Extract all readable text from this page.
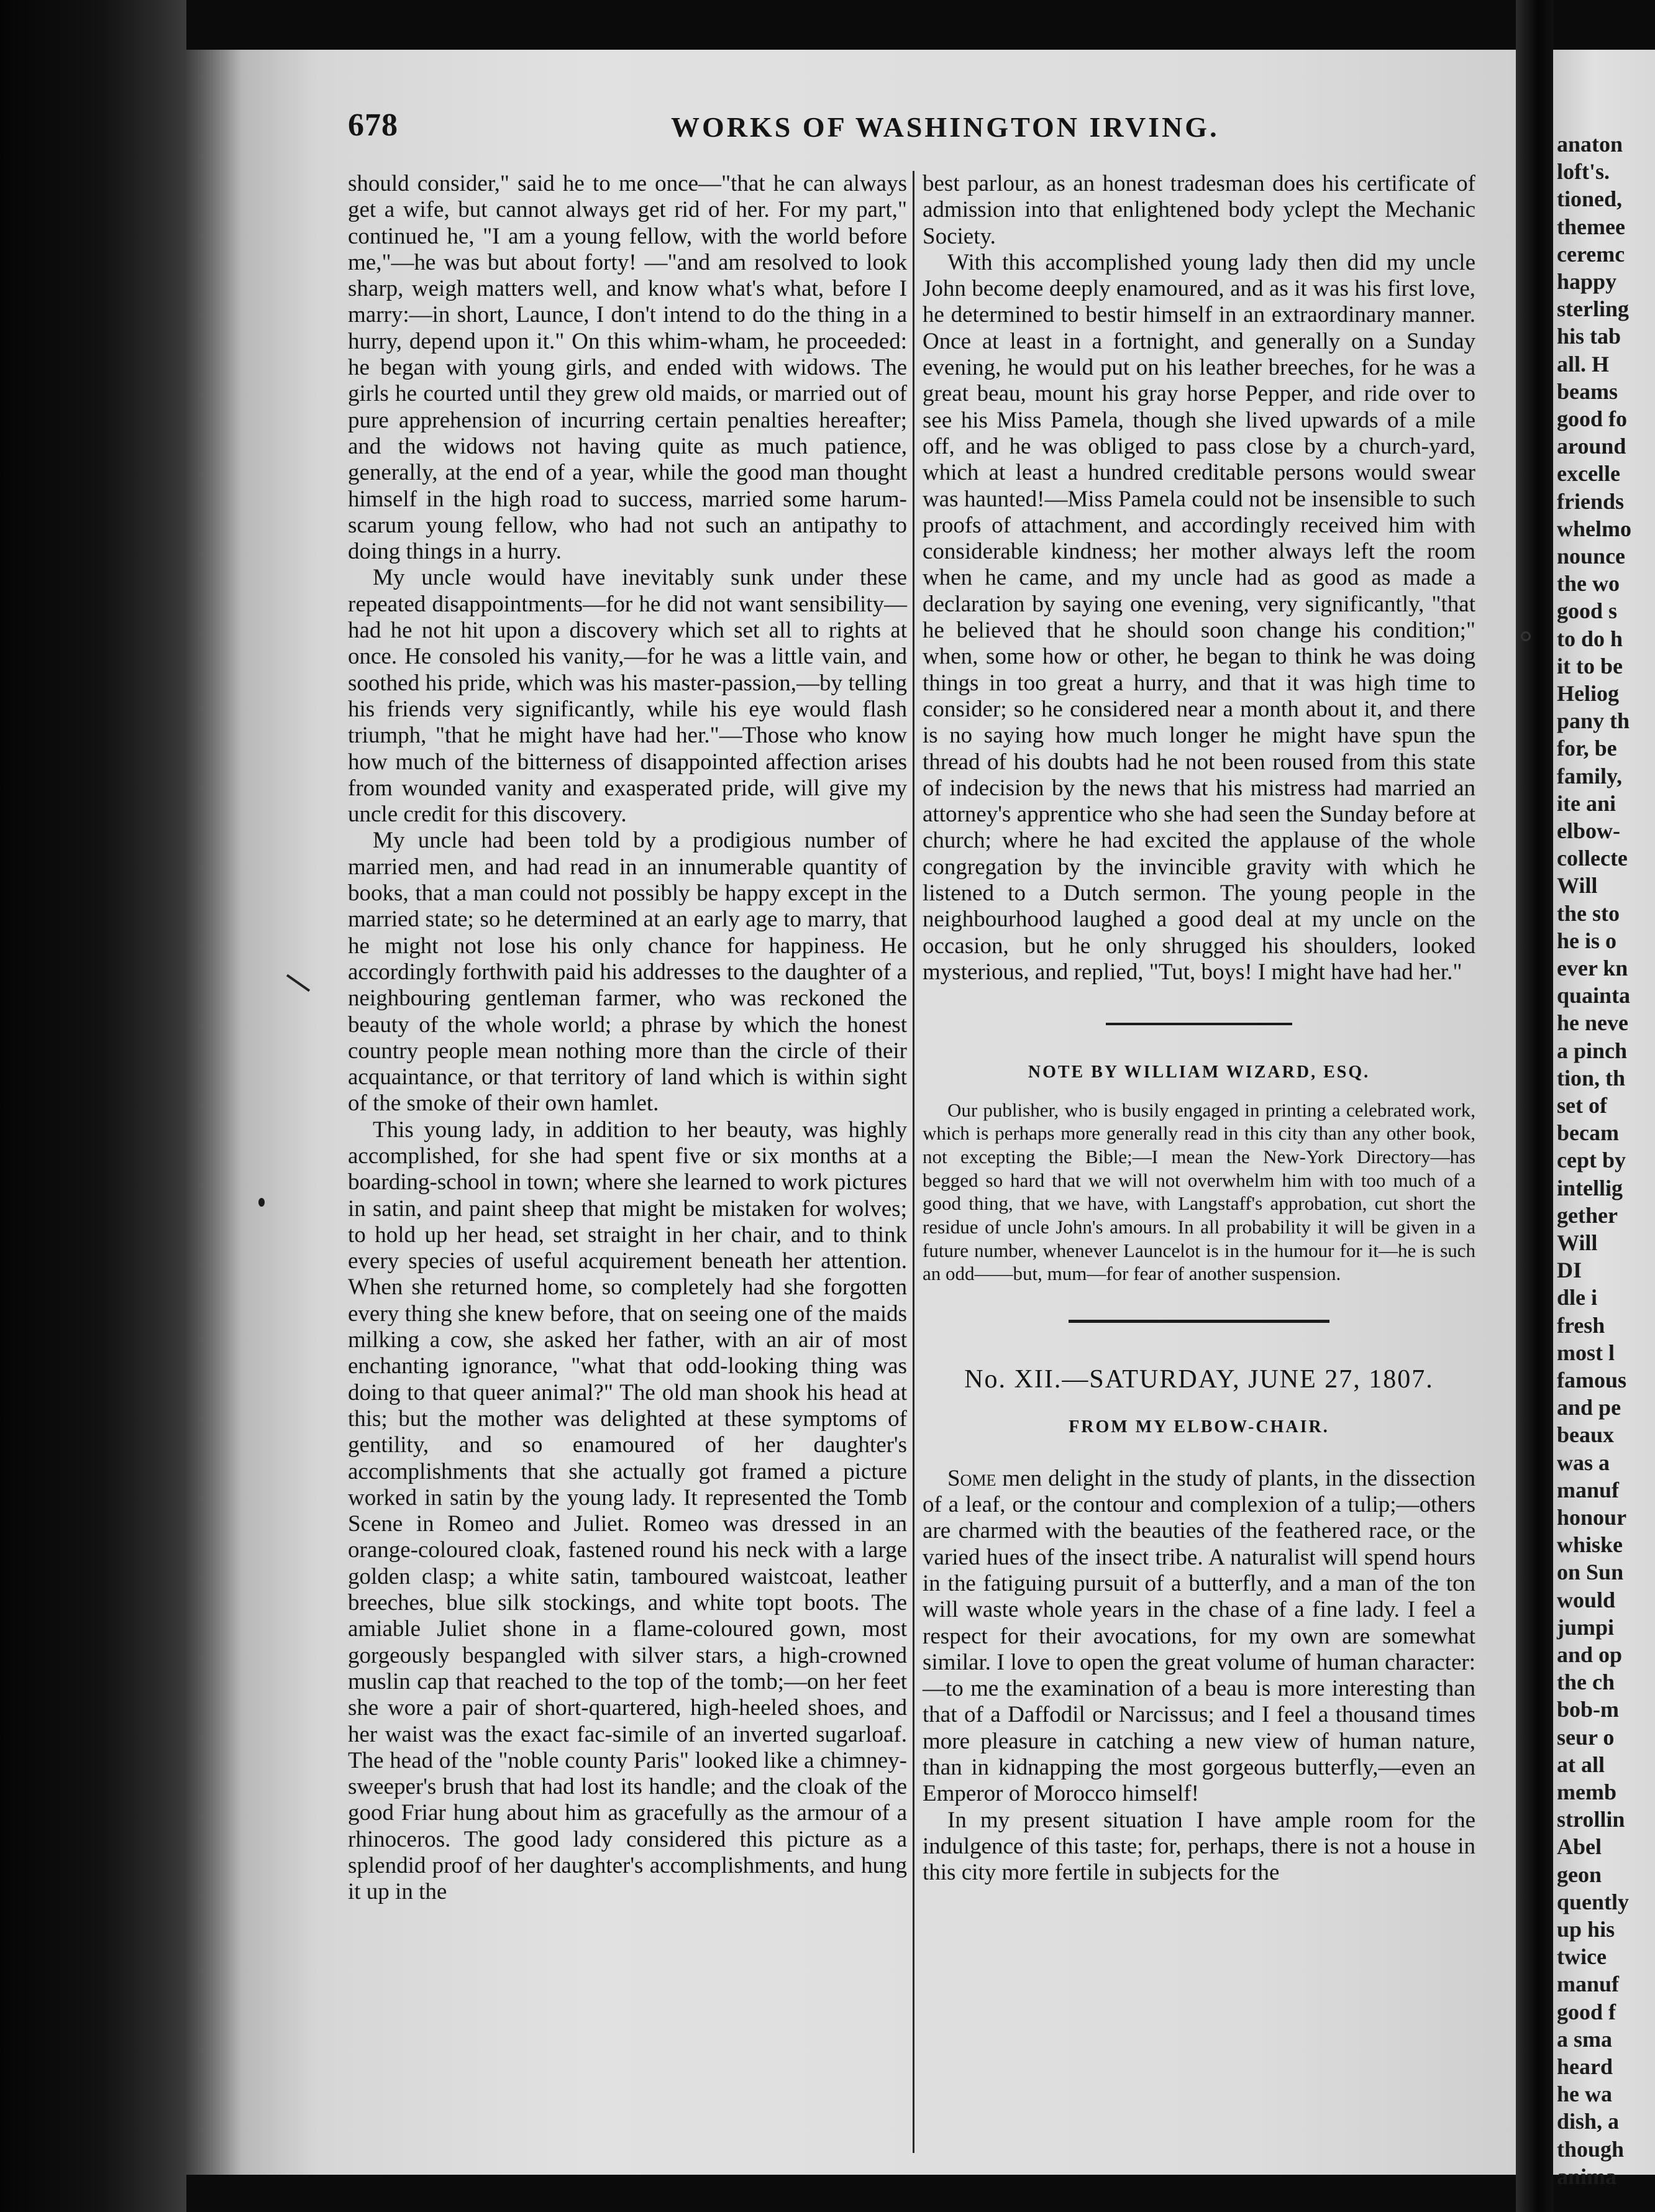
anaton
loft's.
tioned,
themee
ceremc
happy
sterling
his tab
all. H
beams
good fo
around
excelle
friends
whelmo
nounce
the wo
good s
to do h
it to be
Heliog
pany th
for, be
family,
ite ani
elbow-
collecte
Will
the sto
he is o
ever kn
quainta
he neve
a pinch
tion, th
set of
becam
cept by
intellig
gether
Will
DI
dle i
fresh
most l
famous
and pe
beaux
was a
manuf
honour
whiske
on Sun
would
jumpi
and op
the ch
bob-m
seur o
at all
memb
strollin
Abel
geon
quently
up his
twice
manuf
good f
a sma
heard
he wa
dish, a
though
anima
678	WORKS OF WASHINGTON IRVING.

should consider," said he to me once—"that he can always get a wife, but cannot always get rid of her. For my part," continued he, "I am a young fellow, with the world before me,"—he was but about forty! —"and am resolved to look sharp, weigh matters well, and know what's what, before I marry:—in short, Launce, I don't intend to do the thing in a hurry, depend upon it." On this whim-wham, he proceeded: he began with young girls, and ended with widows. The girls he courted until they grew old maids, or married out of pure apprehension of incurring certain penalties hereafter; and the widows not having quite as much patience, generally, at the end of a year, while the good man thought himself in the high road to success, married some harum-scarum young fellow, who had not such an antipathy to doing things in a hurry.

My uncle would have inevitably sunk under these repeated disappointments—for he did not want sensibility—had he not hit upon a discovery which set all to rights at once. He consoled his vanity,—for he was a little vain, and soothed his pride, which was his master-passion,—by telling his friends very significantly, while his eye would flash triumph, "that he might have had her."—Those who know how much of the bitterness of disappointed affection arises from wounded vanity and exasperated pride, will give my uncle credit for this discovery.

My uncle had been told by a prodigious number of married men, and had read in an innumerable quantity of books, that a man could not possibly be happy except in the married state; so he determined at an early age to marry, that he might not lose his only chance for happiness. He accordingly forthwith paid his addresses to the daughter of a neighbouring gentleman farmer, who was reckoned the beauty of the whole world; a phrase by which the honest country people mean nothing more than the circle of their acquaintance, or that territory of land which is within sight of the smoke of their own hamlet.

This young lady, in addition to her beauty, was highly accomplished, for she had spent five or six months at a boarding-school in town; where she learned to work pictures in satin, and paint sheep that might be mistaken for wolves; to hold up her head, set straight in her chair, and to think every species of useful acquirement beneath her attention. When she returned home, so completely had she forgotten every thing she knew before, that on seeing one of the maids milking a cow, she asked her father, with an air of most enchanting ignorance, "what that odd-looking thing was doing to that queer animal?" The old man shook his head at this; but the mother was delighted at these symptoms of gentility, and so enamoured of her daughter's accomplishments that she actually got framed a picture worked in satin by the young lady. It represented the Tomb Scene in Romeo and Juliet. Romeo was dressed in an orange-coloured cloak, fastened round his neck with a large golden clasp; a white satin, tamboured waistcoat, leather breeches, blue silk stockings, and white topt boots. The amiable Juliet shone in a flame-coloured gown, most gorgeously bespangled with silver stars, a high-crowned muslin cap that reached to the top of the tomb;—on her feet she wore a pair of short-quartered, high-heeled shoes, and her waist was the exact fac-simile of an inverted sugarloaf. The head of the "noble county Paris" looked like a chimney-sweeper's brush that had lost its handle; and the cloak of the good Friar hung about him as gracefully as the armour of a rhinoceros. The good lady considered this picture as a splendid proof of her daughter's accomplishments, and hung it up in the

best parlour, as an honest tradesman does his certificate of admission into that enlightened body yclept the Mechanic Society.

With this accomplished young lady then did my uncle John become deeply enamoured, and as it was his first love, he determined to bestir himself in an extraordinary manner. Once at least in a fortnight, and generally on a Sunday evening, he would put on his leather breeches, for he was a great beau, mount his gray horse Pepper, and ride over to see his Miss Pamela, though she lived upwards of a mile off, and he was obliged to pass close by a church-yard, which at least a hundred creditable persons would swear was haunted!—Miss Pamela could not be insensible to such proofs of attachment, and accordingly received him with considerable kindness; her mother always left the room when he came, and my uncle had as good as made a declaration by saying one evening, very significantly, "that he believed that he should soon change his condition;" when, some how or other, he began to think he was doing things in too great a hurry, and that it was high time to consider; so he considered near a month about it, and there is no saying how much longer he might have spun the thread of his doubts had he not been roused from this state of indecision by the news that his mistress had married an attorney's apprentice who she had seen the Sunday before at church; where he had excited the applause of the whole congregation by the invincible gravity with which he listened to a Dutch sermon. The young people in the neighbourhood laughed a good deal at my uncle on the occasion, but he only shrugged his shoulders, looked mysterious, and replied, "Tut, boys! I might have had her."

NOTE BY WILLIAM WIZARD, ESQ.

Our publisher, who is busily engaged in printing a celebrated work, which is perhaps more generally read in this city than any other book, not excepting the Bible;—I mean the New-York Directory—has begged so hard that we will not overwhelm him with too much of a good thing, that we have, with Langstaff's approbation, cut short the residue of uncle John's amours. In all probability it will be given in a future number, whenever Launcelot is in the humour for it—he is such an odd——but, mum—for fear of another suspension.

No. XII.—SATURDAY, JUNE 27, 1807.
FROM MY ELBOW-CHAIR.

Some men delight in the study of plants, in the dissection of a leaf, or the contour and complexion of a tulip;—others are charmed with the beauties of the feathered race, or the varied hues of the insect tribe. A naturalist will spend hours in the fatiguing pursuit of a butterfly, and a man of the ton will waste whole years in the chase of a fine lady. I feel a respect for their avocations, for my own are somewhat similar. I love to open the great volume of human character:—to me the examination of a beau is more interesting than that of a Daffodil or Narcissus; and I feel a thousand times more pleasure in catching a new view of human nature, than in kidnapping the most gorgeous butterfly,—even an Emperor of Morocco himself!

In my present situation I have ample room for the indulgence of this taste; for, perhaps, there is not a house in this city more fertile in subjects for the
